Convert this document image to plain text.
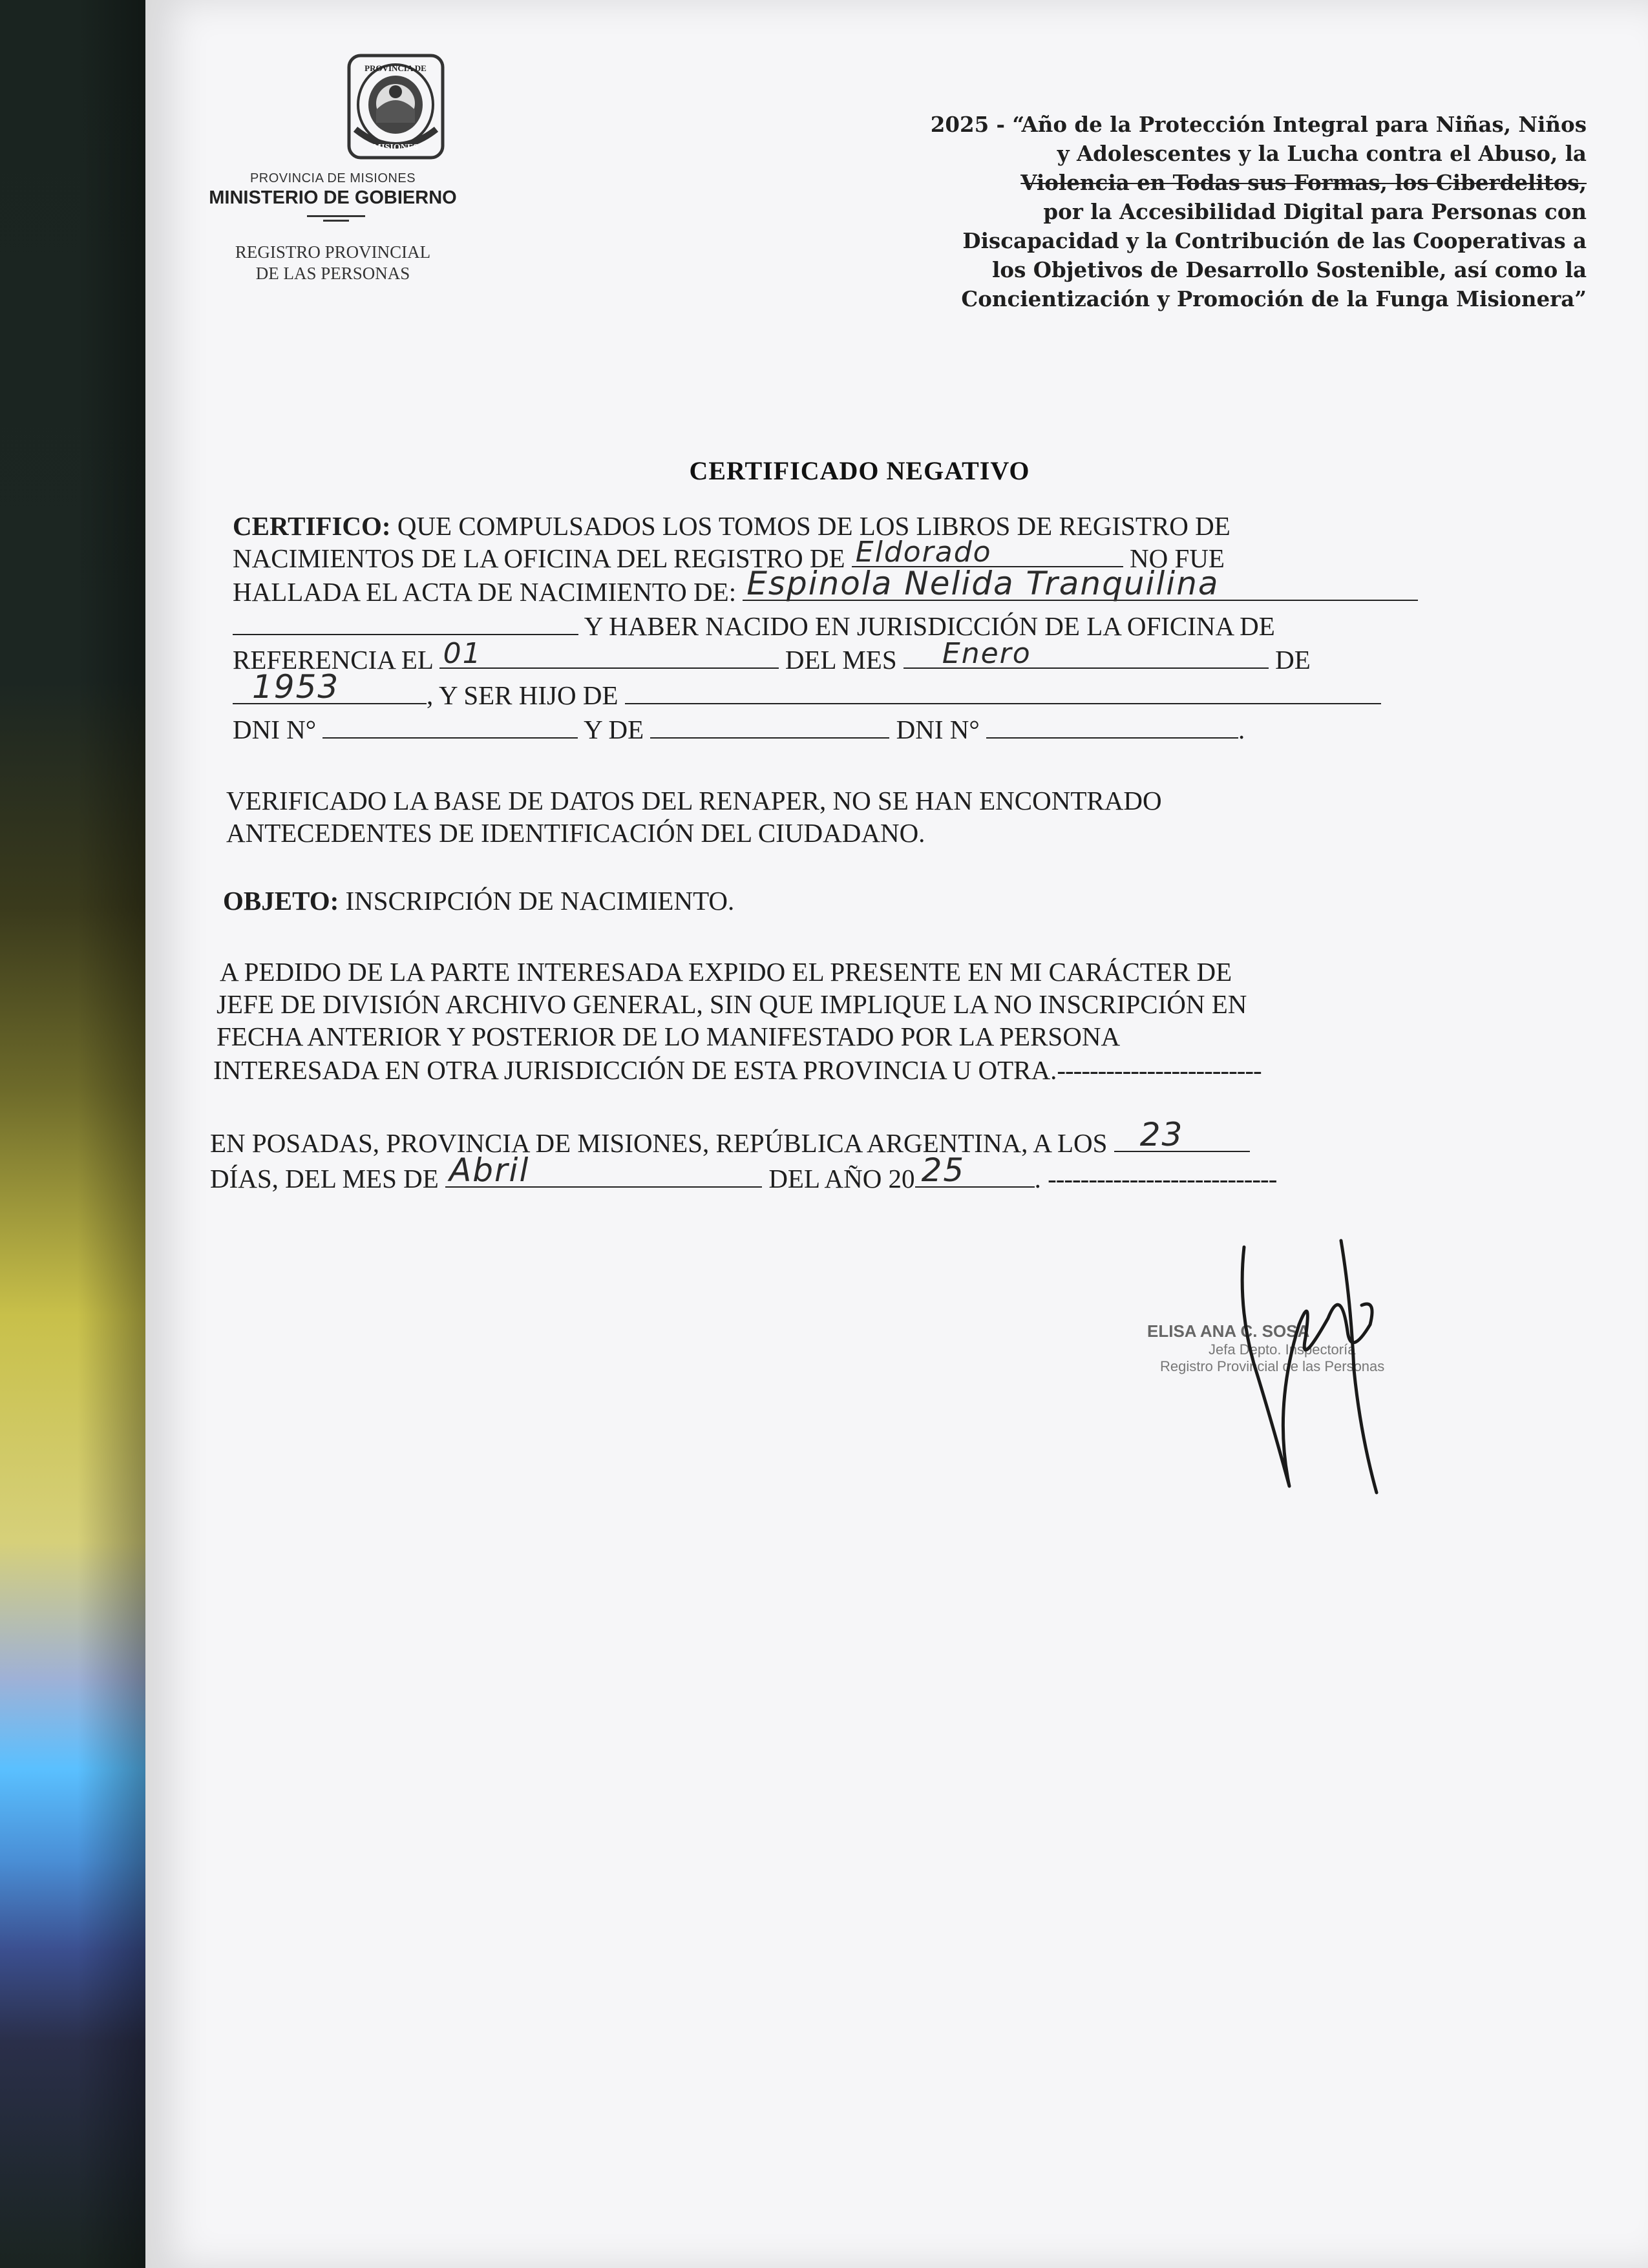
PROVINCIA DE
MISIONES
PROVINCIA DE MISIONES
MINISTERIO DE GOBIERNO
REGISTRO PROVINCIAL
DE LAS PERSONAS
2025 - “Año de la Protección Integral para Niñas, Niños
y Adolescentes y la Lucha contra el Abuso, la
Violencia en Todas sus Formas, los Ciberdelitos,
por la Accesibilidad Digital para Personas con
Discapacidad y la Contribución de las Cooperativas a
los Objetivos de Desarrollo Sostenible, así como la
Concientización y Promoción de la Funga Misionera”
CERTIFICADO NEGATIVO
CERTIFICO: QUE COMPULSADOS LOS TOMOS DE LOS LIBROS DE REGISTRO DE
NACIMIENTOS DE LA OFICINA DEL REGISTRO DE Eldorado	NO FUE
HALLADA EL ACTA DE NACIMIENTO DE: Espinola Nelida Tranquilina
Y HABER NACIDO EN JURISDICCIÓN DE LA OFICINA DE
REFERENCIA EL 01	DEL MES Enero	DE
1953	, Y SER HIJO DE
DNI N°	Y DE	DNI N°	.
VERIFICADO LA BASE DE DATOS DEL RENAPER, NO SE HAN ENCONTRADO
ANTECEDENTES DE IDENTIFICACIÓN DEL CIUDADANO.
OBJETO: INSCRIPCIÓN DE NACIMIENTO.
A PEDIDO DE LA PARTE INTERESADA EXPIDO EL PRESENTE EN MI CARÁCTER DE
JEFE DE DIVISIÓN ARCHIVO GENERAL, SIN QUE IMPLIQUE LA NO INSCRIPCIÓN EN
FECHA ANTERIOR Y POSTERIOR DE LO MANIFESTADO POR LA PERSONA
INTERESADA EN OTRA JURISDICCIÓN DE ESTA PROVINCIA U OTRA.-------------------------
EN POSADAS, PROVINCIA DE MISIONES, REPÚBLICA ARGENTINA, A LOS 23
DÍAS, DEL MES DE Abril	DEL AÑO 20 25	. ----------------------------
ELISA ANA C. SOSA
Jefa Depto. Inspectoría
Registro Provincial de las Personas
